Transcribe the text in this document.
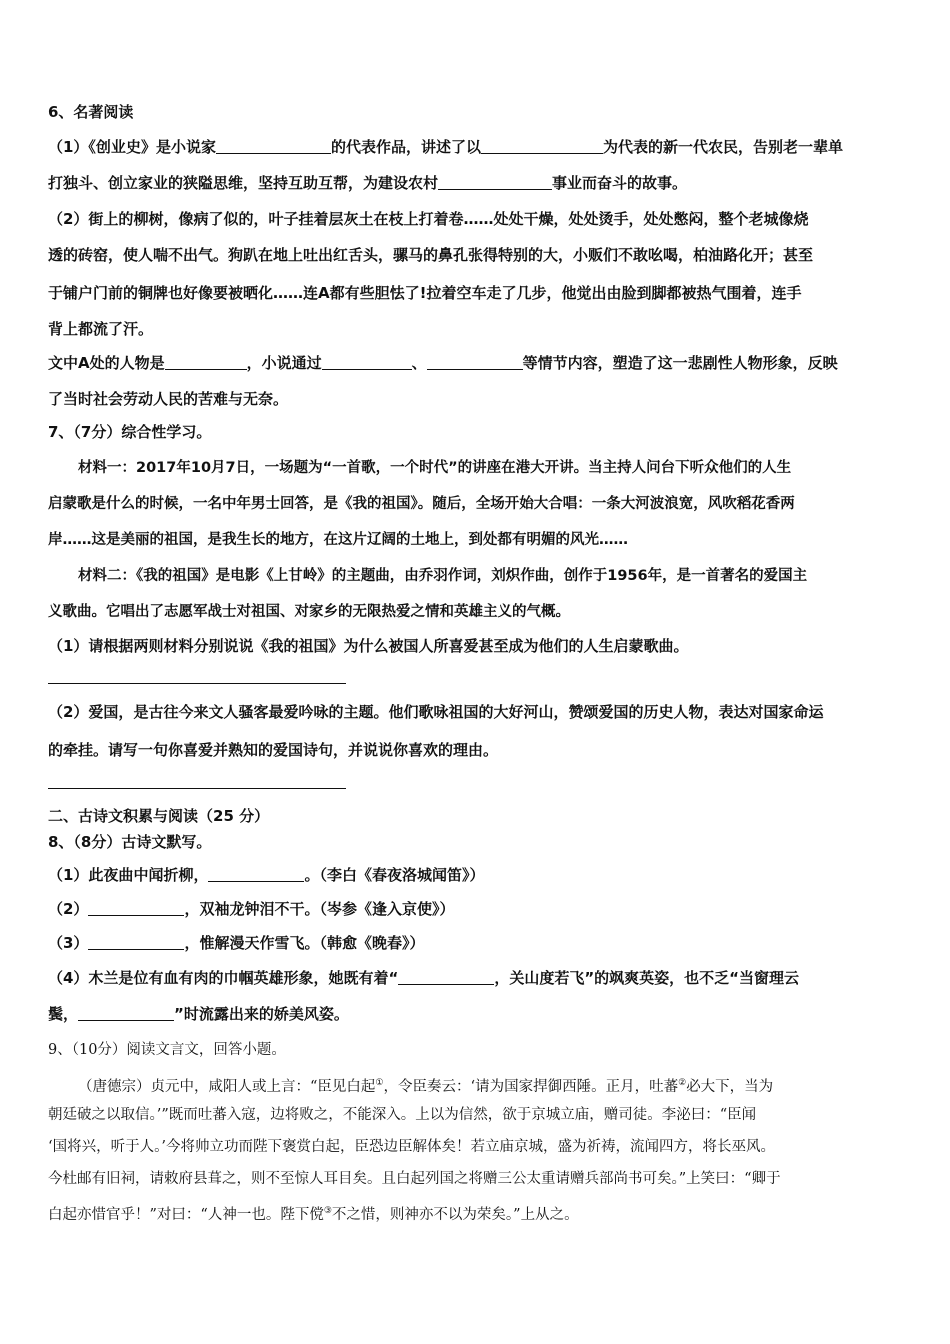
6、名著阅读
（1）《创业史》是小说家	的代表作品，讲述了以	为代表的新一代农民，告别老一辈单
打独斗、创立家业的狭隘思维，坚持互助互帮，为建设农村	事业而奋斗的故事。
（2）街上的柳树，像病了似的，叶子挂着层灰土在枝上打着卷……处处干燥，处处烫手，处处憋闷，整个老城像烧
透的砖窑，使人喘不出气。狗趴在地上吐出红舌头，骡马的鼻孔张得特别的大，小贩们不敢吆喝，柏油路化开；甚至
于铺户门前的铜牌也好像要被晒化……连A都有些胆怯了!拉着空车走了几步，他觉出由脸到脚都被热气围着，连手
背上都流了汗。
文中A处的人物是	，小说通过	、	等情节内容，塑造了这一悲剧性人物形象，反映
了当时社会劳动人民的苦难与无奈。
7、（7分）综合性学习。
材料一：2017年10月7日，一场题为“一首歌，一个时代”的讲座在港大开讲。当主持人问台下听众他们的人生
启蒙歌是什么的时候，一名中年男士回答，是《我的祖国》。随后，全场开始大合唱：一条大河波浪宽，风吹稻花香两
岸……这是美丽的祖国，是我生长的地方，在这片辽阔的土地上，到处都有明媚的风光……
材料二：《我的祖国》是电影《上甘岭》的主题曲，由乔羽作词，刘炽作曲，创作于1956年，是一首著名的爱国主
义歌曲。它唱出了志愿军战士对祖国、对家乡的无限热爱之情和英雄主义的气概。
（1）请根据两则材料分别说说《我的祖国》为什么被国人所喜爱甚至成为他们的人生启蒙歌曲。
（2）爱国，是古往今来文人骚客最爱吟咏的主题。他们歌咏祖国的大好河山，赞颂爱国的历史人物，表达对国家命运
的牵挂。请写一句你喜爱并熟知的爱国诗句，并说说你喜欢的理由。
二、古诗文积累与阅读（25 分）
8、（8分）古诗文默写。
（1）此夜曲中闻折柳，	。（李白《春夜洛城闻笛》）
（2）	，双袖龙钟泪不干。（岑参《逢入京使》）
（3）	，惟解漫天作雪飞。（韩愈《晚春》）
（4）木兰是位有血有肉的巾帼英雄形象，她既有着“	，关山度若飞”的飒爽英姿，也不乏“当窗理云
鬓，	”时流露出来的娇美风姿。
9、（10分）阅读文言文，回答小题。
（唐德宗）贞元中，咸阳人或上言：“臣见白起①，令臣奏云：‘请为国家捍御西陲。正月，吐蕃②必大下，当为
朝廷破之以取信。’”既而吐蕃入寇，边将败之，不能深入。上以为信然，欲于京城立庙，赠司徒。李泌曰：“臣闻
‘国将兴，听于人。’今将帅立功而陛下褒赏白起，臣恐边臣解体矣！若立庙京城，盛为祈祷，流闻四方，将长巫风。
今杜邮有旧祠，请敕府县葺之，则不至惊人耳目矣。且白起列国之将赠三公太重请赠兵部尚书可矣。”上笑曰：“卿于
白起亦惜官乎！”对曰：“人神一也。陛下傥③不之惜，则神亦不以为荣矣。”上从之。
